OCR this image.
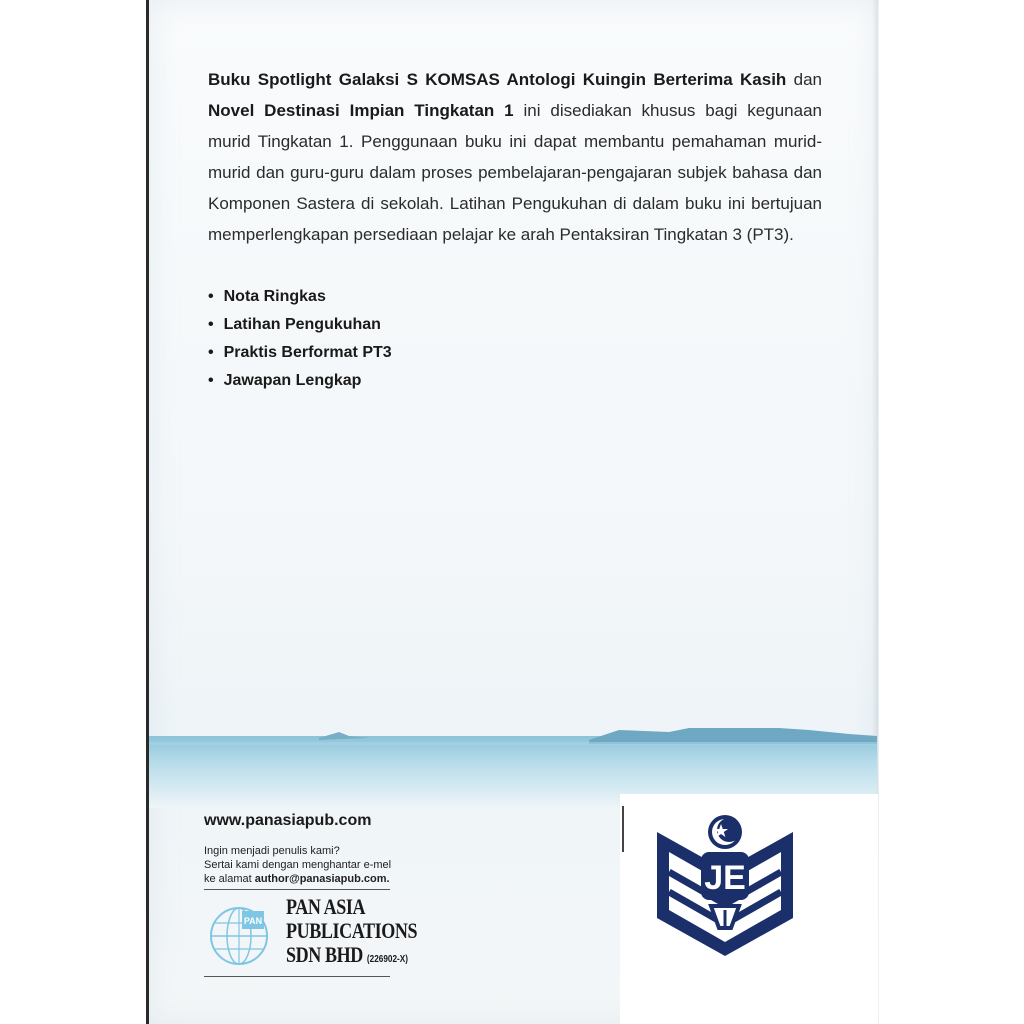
Buku Spotlight Galaksi S KOMSAS Antologi Kuingin Berterima Kasih dan Novel Destinasi Impian Tingkatan 1 ini disediakan khusus bagi kegunaan murid Tingkatan 1. Penggunaan buku ini dapat membantu pemahaman murid-murid dan guru-guru dalam proses pembelajaran-pengajaran subjek bahasa dan Komponen Sastera di sekolah. Latihan Pengukuhan di dalam buku ini bertujuan memperlengkapan persediaan pelajar ke arah Pentaksiran Tingkatan 3 (PT3).
• Nota Ringkas
• Latihan Pengukuhan
• Praktis Berformat PT3
• Jawapan Lengkap
www.panasiapub.com
Ingin menjadi penulis kami?
Sertai kami dengan menghantar e-mel
ke alamat author@panasiapub.com.
PAN
PAN ASIA
PUBLICATIONS
SDN BHD (226902-X)
JE
